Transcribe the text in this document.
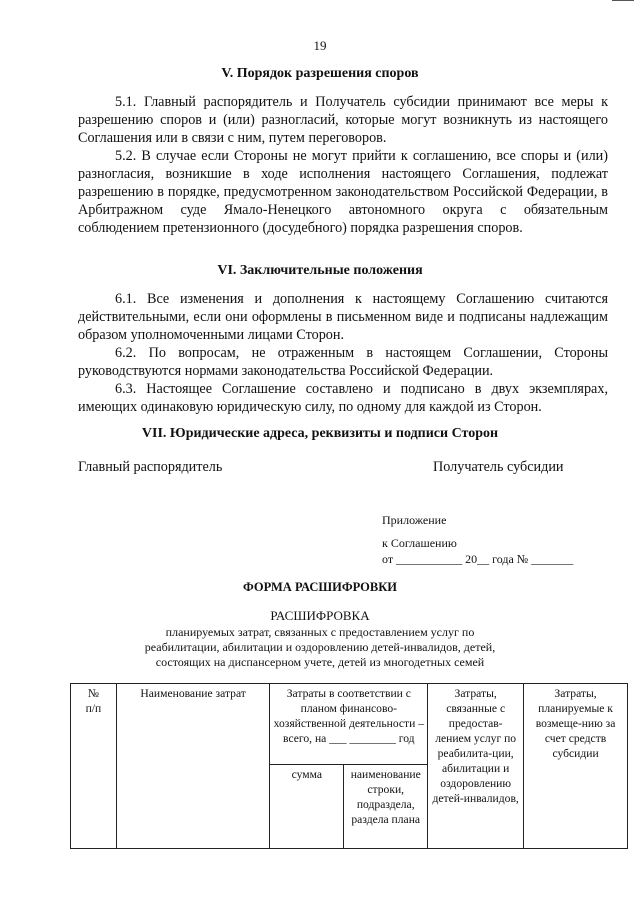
19
V. Порядок разрешения споров
5.1. Главный распорядитель и Получатель субсидии принимают все меры к разрешению споров и (или) разногласий, которые могут возникнуть из настоящего Соглашения или в связи с ним, путем переговоров.
5.2. В случае если Стороны не могут прийти к соглашению, все споры и (или) разногласия, возникшие в ходе исполнения настоящего Соглашения, подлежат разрешению в порядке, предусмотренном законодательством Российской Федерации, в Арбитражном суде Ямало-Ненецкого автономного округа с обязательным соблюдением претензионного (досудебного) порядка разрешения споров.
VI. Заключительные положения
6.1. Все изменения и дополнения к настоящему Соглашению считаются действительными, если они оформлены в письменном виде и подписаны надлежащим образом уполномоченными лицами Сторон.
6.2. По вопросам, не отраженным в настоящем Соглашении, Стороны руководствуются нормами законодательства Российской Федерации.
6.3. Настоящее Соглашение составлено и подписано в двух экземплярах, имеющих одинаковую юридическую силу, по одному для каждой из Сторон.
VII. Юридические адреса, реквизиты и подписи Сторон
Главный распорядитель	Получатель субсидии
Приложение
к Соглашению
от ___________ 20__ года № _______
ФОРМА РАСШИФРОВКИ
РАСШИФРОВКА
планируемых затрат, связанных с предоставлением услуг по
реабилитации, абилитации и оздоровлению детей-инвалидов, детей,
состоящих на диспансерном учете, детей из многодетных семей
№
п/п	Наименование затрат	Затраты в соответствии с планом финансово-хозяйственной деятельности – всего, на ___ ________ год		Затраты, связанные с предостав-лением услуг по реабилита-ции, абилитации и оздоровлению детей-инвалидов,	Затраты, планируемые к возмеще-нию за счет средств субсидии
		сумма	наименование строки, подраздела, раздела плана		
